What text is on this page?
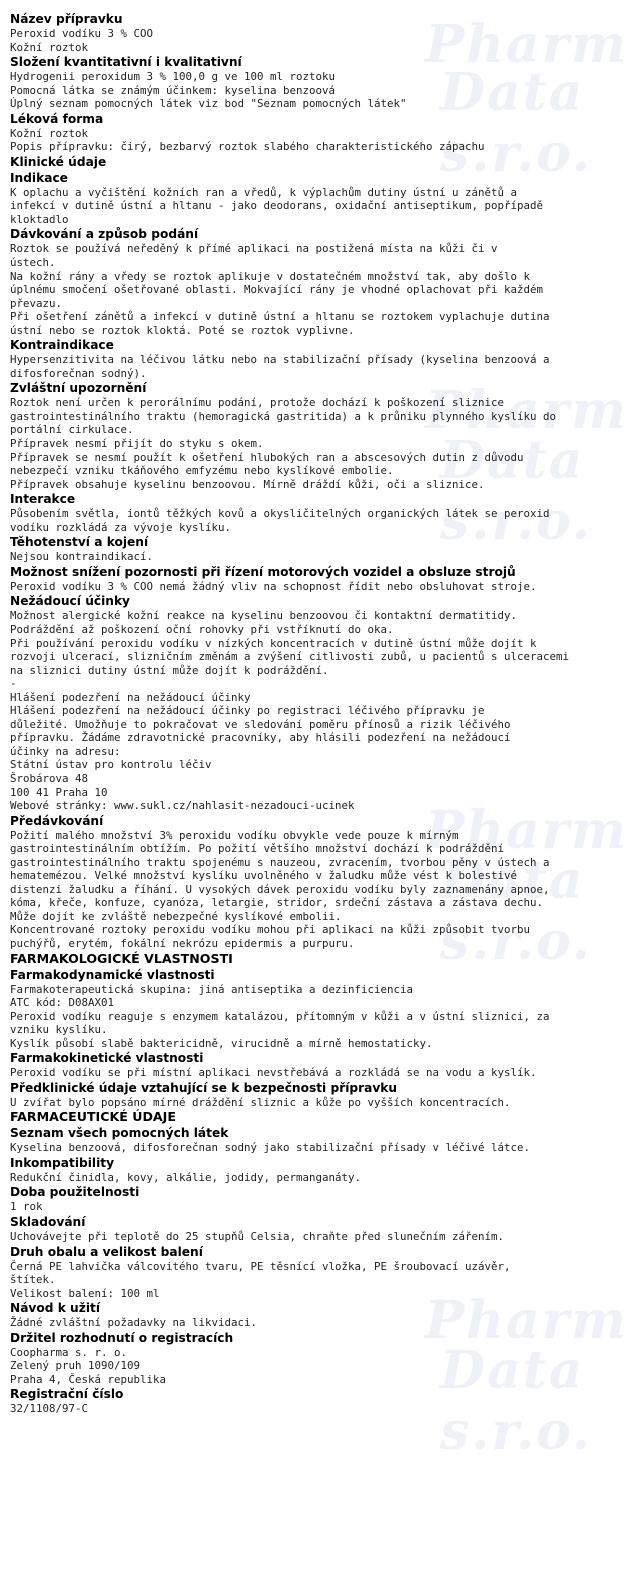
Pharm
Data s.r.o.
Pharm
Data s.r.o.
Pharm
Data s.r.o.
Pharm
Data s.r.o.
Název přípravku
Peroxid vodíku 3 % COO
Kožní roztok
Složení kvantitativní i kvalitativní
Hydrogenii peroxidum 3 % 100,0 g ve 100 ml roztoku
Pomocná látka se známým účinkem: kyselina benzoová
Úplný seznam pomocných látek viz bod "Seznam pomocných látek"
Léková forma
Kožní roztok
Popis přípravku: čirý, bezbarvý roztok slabého charakteristického zápachu
Klinické údaje
Indikace
K oplachu a vyčištění kožních ran a vředů, k výplachům dutiny ústní u zánětů a
infekcí v dutině ústní a hltanu - jako deodorans, oxidační antiseptikum, popřípadě
kloktadlo
Dávkování a způsob podání
Roztok se používá neředěný k přímé aplikaci na postižená místa na kůži či v
ústech.
Na kožní rány a vředy se roztok aplikuje v dostatečném množství tak, aby došlo k
úplnému smočení ošetřované oblasti. Mokvající rány je vhodné oplachovat při každém
převazu.
Při ošetření zánětů a infekcí v dutině ústní a hltanu se roztokem vyplachuje dutina
ústní nebo se roztok kloktá. Poté se roztok vyplivne.
Kontraindikace
Hypersenzitivita na léčivou látku nebo na stabilizační přísady (kyselina benzoová a
difosforečnan sodný).
Zvláštní upozornění
Roztok není určen k perorálnímu podání, protože dochází k poškození sliznice
gastrointestinálního traktu (hemoragická gastritida) a k průniku plynného kyslíku do
portální cirkulace.
Přípravek nesmí přijít do styku s okem.
Přípravek se nesmí použít k ošetření hlubokých ran a abscesových dutin z důvodu
nebezpečí vzniku tkáňového emfyzému nebo kyslíkové embolie.
Přípravek obsahuje kyselinu benzoovou. Mírně dráždí kůži, oči a sliznice.
Interakce
Působením světla, iontů těžkých kovů a okysličitelných organických látek se peroxid
vodíku rozkládá za vývoje kyslíku.
Těhotenství a kojení
Nejsou kontraindikací.
Možnost snížení pozornosti při řízení motorových vozidel a obsluze strojů
Peroxid vodíku 3 % COO nemá žádný vliv na schopnost řídit nebo obsluhovat stroje.
Nežádoucí účinky
Možnost alergické kožní reakce na kyselinu benzoovou či kontaktní dermatitidy.
Podráždění až poškození oční rohovky při vstříknutí do oka.
Při používání peroxidu vodíku v nízkých koncentracích v dutině ústní může dojít k
rozvoji ulcerací, slizničním změnám a zvýšení citlivosti zubů, u pacientů s ulceracemi
na sliznici dutiny ústní může dojít k podráždění.
-
Hlášení podezření na nežádoucí účinky
Hlášení podezření na nežádoucí účinky po registraci léčivého přípravku je
důležité. Umožňuje to pokračovat ve sledování poměru přínosů a rizik léčivého
přípravku. Žádáme zdravotnické pracovníky, aby hlásili podezření na nežádoucí
účinky na adresu:
Státní ústav pro kontrolu léčiv
Šrobárova 48
100 41 Praha 10
Webové stránky: www.sukl.cz/nahlasit-nezadouci-ucinek
Předávkování
Požití malého množství 3% peroxidu vodíku obvykle vede pouze k mírným
gastrointestinálním obtížím. Po požití většího množství dochází k podráždění
gastrointestinálního traktu spojenému s nauzeou, zvracením, tvorbou pěny v ústech a
hematemézou. Velké množství kyslíku uvolněného v žaludku může vést k bolestivé
distenzi žaludku a říhání. U vysokých dávek peroxidu vodíku byly zaznamenány apnoe,
kóma, křeče, konfuze, cyanóza, letargie, stridor, srdeční zástava a zástava dechu.
Může dojít ke zvláště nebezpečné kyslíkové embolii.
Koncentrované roztoky peroxidu vodíku mohou při aplikaci na kůži způsobit tvorbu
puchýřů, erytém, fokální nekrózu epidermis a purpuru.
FARMAKOLOGICKÉ VLASTNOSTI
Farmakodynamické vlastnosti
Farmakoterapeutická skupina: jiná antiseptika a dezinficiencia
ATC kód: D08AX01
Peroxid vodíku reaguje s enzymem katalázou, přítomným v kůži a v ústní sliznici, za
vzniku kyslíku.
Kyslík působí slabě baktericidně, virucidně a mírně hemostaticky.
Farmakokinetické vlastnosti
Peroxid vodíku se při místní aplikaci nevstřebává a rozkládá se na vodu a kyslík.
Předklinické údaje vztahující se k bezpečnosti přípravku
U zvířat bylo popsáno mírné dráždění sliznic a kůže po vyšších koncentracích.
FARMACEUTICKÉ ÚDAJE
Seznam všech pomocných látek
Kyselina benzoová, difosforečnan sodný jako stabilizační přísady v léčivé látce.
Inkompatibility
Redukční činidla, kovy, alkálie, jodidy, permanganáty.
Doba použitelnosti
1 rok
Skladování
Uchovávejte při teplotě do 25 stupňů Celsia, chraňte před slunečním zářením.
Druh obalu a velikost balení
Černá PE lahvička válcovitého tvaru, PE těsnící vložka, PE šroubovací uzávěr,
štítek.
Velikost balení: 100 ml
Návod k užití
Žádné zvláštní požadavky na likvidaci.
Držitel rozhodnutí o registracích
Coopharma s. r. o.
Zelený pruh 1090/109
Praha 4, Česká republika
Registrační číslo
32/1108/97-C
